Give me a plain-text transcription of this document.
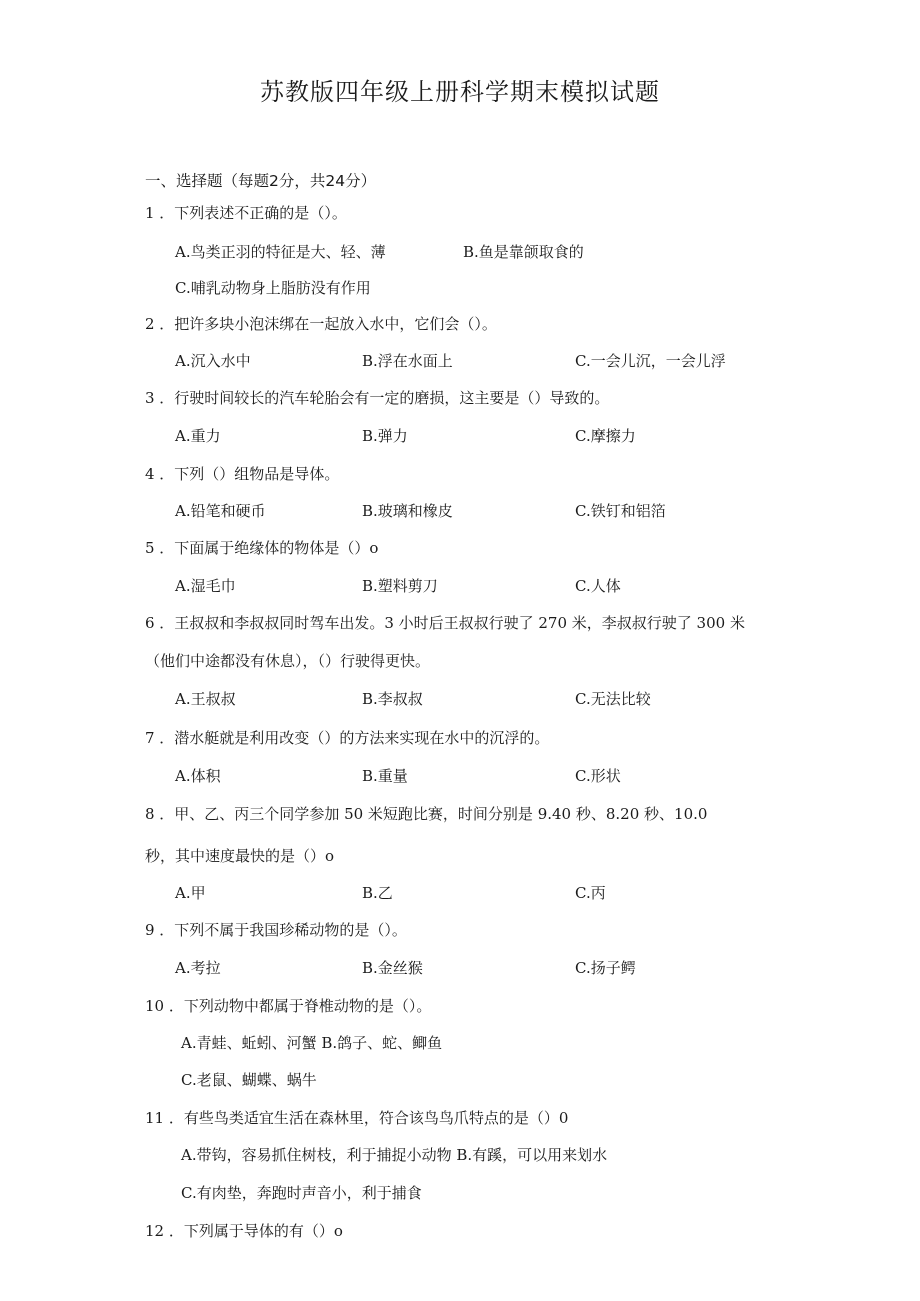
苏教版四年级上册科学期末模拟试题
一、选择题（每题2分，共24分）
1 ．下列表述不正确的是（）。
A.鸟类正羽的特征是大、轻、薄	B.鱼是靠颌取食的
C.哺乳动物身上脂肪没有作用
2 ．把许多块小泡沫绑在一起放入水中，它们会（）。
A.沉入水中	B.浮在水面上	C.一会儿沉，一会儿浮
3 ．行驶时间较长的汽车轮胎会有一定的磨损，这主要是（）导致的。
A.重力	B.弹力	C.摩擦力
4 ．下列（）组物品是导体。
A.铅笔和硬币	B.玻璃和橡皮	C.铁钉和铝箔
5 ．下面属于绝缘体的物体是（）o
A.湿毛巾	B.塑料剪刀	C.人体
6 ．王叔叔和李叔叔同时驾车出发。3 小时后王叔叔行驶了 270 米，李叔叔行驶了 300 米
（他们中途都没有休息），（）行驶得更快。
A.王叔叔	B.李叔叔	C.无法比较
7 ．潜水艇就是利用改变（）的方法来实现在水中的沉浮的。
A.体积	B.重量	C.形状
8 ．甲、乙、丙三个同学参加 50 米短跑比赛，时间分别是 9.40 秒、8.20 秒、10.0
秒，其中速度最快的是（）o
A.甲	B.乙	C.丙
9 ．下列不属于我国珍稀动物的是（）。
A.考拉	B.金丝猴	C.扬子鳄
10 ．下列动物中都属于脊椎动物的是（）。
A.青蛙、蚯蚓、河蟹 B.鸽子、蛇、鲫鱼
C.老鼠、蝴蝶、蜗牛
11 ．有些鸟类适宜生活在森林里，符合该鸟鸟爪特点的是（）0
A.带钩，容易抓住树枝，利于捕捉小动物 B.有蹊，可以用来划水
C.有肉垫，奔跑时声音小，利于捕食
12 ．下列属于导体的有（）o
